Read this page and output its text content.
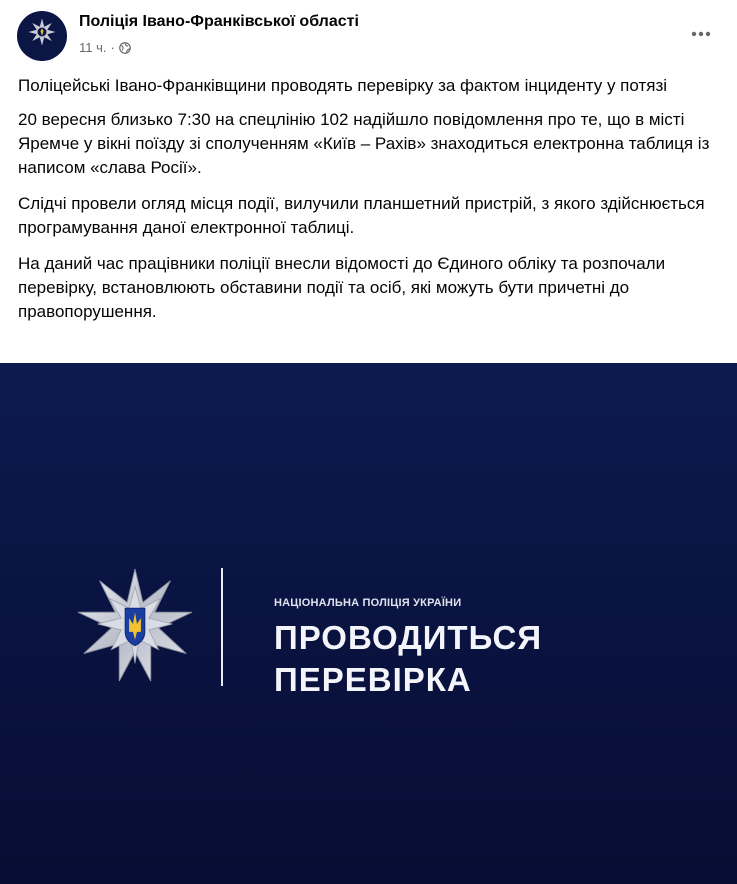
Поліція Івано-Франківської області
11 ч. ·

Поліцейські Івано-Франківщини проводять перевірку за фактом інциденту у потязі

20 вересня близько 7:30 на спецлінію 102 надійшло повідомлення про те, що в місті Яремче у вікні поїзду зі сполученням «Київ – Рахів» знаходиться електронна таблиця із написом «слава Росії».

Слідчі провели огляд місця події, вилучили планшетний пристрій, з якого здійснюється програмування даної електронної таблиці.

На даний час працівники поліції внесли відомості до Єдиного обліку та розпочали перевірку, встановлюють обставини події та осіб, які можуть бути причетні до правопорушення.

НАЦІОНАЛЬНА ПОЛІЦІЯ УКРАЇНИ
ПРОВОДИТЬСЯ
ПЕРЕВІРКА
